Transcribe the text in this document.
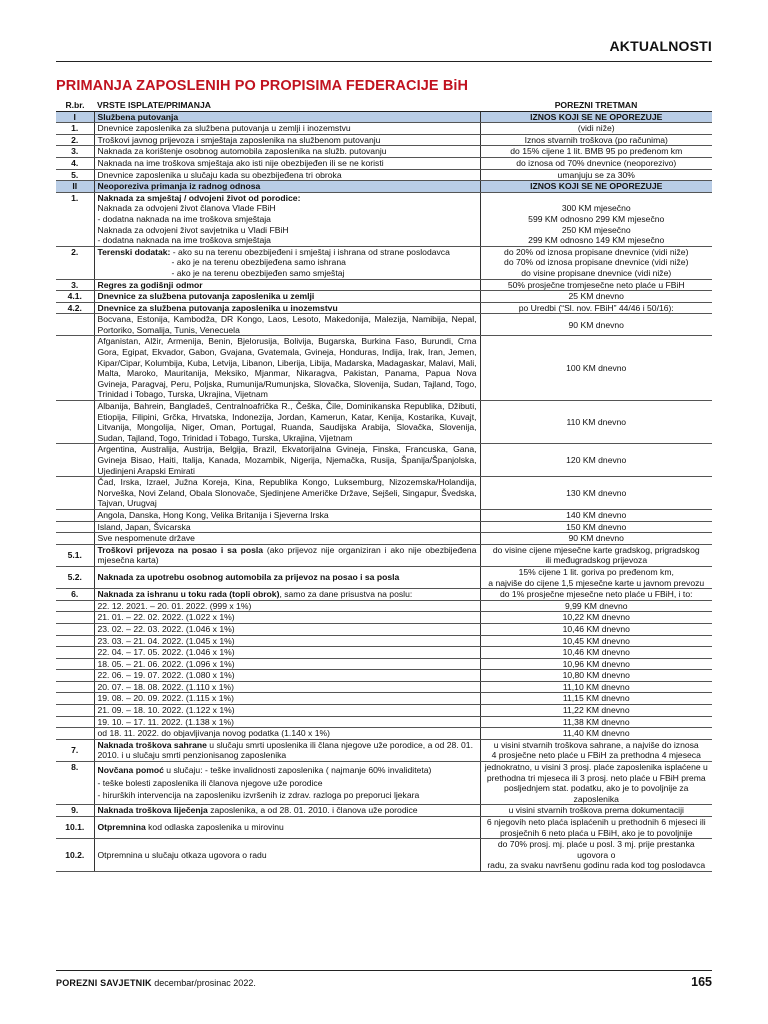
AKTUALNOSTI
PRIMANJA ZAPOSLENIH PO PROPISIMA FEDERACIJE BiH
R.br.	VRSTE ISPLATE/PRIMANJA	POREZNI TRETMAN
I	Službena putovanja	IZNOS KOJI SE NE OPOREZUJE
1.	Dnevnice zaposlenika za službena putovanja u zemlji i inozemstvu	(vidi niže)
2.	Troškovi javnog prijevoza i smještaja zaposlenika na službenom putovanju	Iznos stvarnih troškova (po računima)
3.	Naknada za korištenje osobnog automobila zaposlenika na služb. putovanju	do 15% cijene 1 lit. BMB 95 po pređenom km
4.	Naknada na ime troškova smještaja ako isti nije obezbijeđen ili se ne koristi	do iznosa od 70% dnevnice (neoporezivo)
5.	Dnevnice zaposlenika u slučaju kada su obezbijeđena tri obroka	umanjuju se za 30%
II	Neoporeziva primanja iz radnog odnosa	IZNOS KOJI SE NE OPOREZUJE
1.	Naknada za smještaj / odvojeni život od porodice:	
	Naknada za odvojeni život članova Vlade FBiH	300 KM mjesečno
	- dodatna naknada na ime troškova smještaja	599 KM odnosno 299 KM mjesečno
	Naknada za odvojeni život savjetnika u Vladi FBiH	250 KM mjesečno
	- dodatna naknada na ime troškova smještaja	299 KM odnosno 149 KM mjesečno
2.	Terenski dodatak: - ako su na terenu obezbijeđeni i smještaj i ishrana od strane poslodavca	do 20% od iznosa propisane dnevnice (vidi niže)
	- ako je na terenu obezbijeđena samo ishrana	do 70% od iznosa propisane dnevnice (vidi niže)
	- ako je na terenu obezbijeđen samo smještaj	do visine propisane dnevnice (vidi niže)
3.	Regres za godišnji odmor	50% prosječne tromjesečne neto plaće u FBiH
4.1.	Dnevnice za službena putovanja zaposlenika u zemlji	25 KM dnevno
4.2.	Dnevnice za službena putovanja zaposlenika u inozemstvu	po Uredbi (“Sl. nov. FBiH” 44/46 i 50/16):
	Bocvana, Estonija, Kambodža, DR Kongo, Laos, Lesoto, Makedonija, Malezija, Namibija, Nepal, Portoriko, Somalija, Tunis, Venecuela	90 KM dnevno
	Afganistan, Alžir, Armenija, Benin, Bjelorusija, Bolivija, Bugarska, Burkina Faso, Burundi, Crna Gora, Egipat, Ekvador, Gabon, Gvajana, Gvatemala, Gvineja, Honduras, Indija, Irak, Iran, Jemen, Kipar/Cipar, Kolumbija, Kuba, Letvija, Libanon, Liberija, Libija, Madarska, Madagaskar, Malavi, Mali, Malta, Maroko, Mauritanija, Meksiko, Mjanmar, Nikaragva, Pakistan, Panama, Papua Nova Gvineja, Paragvaj, Peru, Poljska, Rumunija/Rumunjska, Slovačka, Slovenija, Sudan, Tajland, Togo, Trinidad i Tobago, Turska, Ukrajina, Vijetnam	100 KM dnevno
	Albanija, Bahrein, Bangladeš, Centralnoafrička R., Češka, Čile, Dominikanska Republika, Džibuti, Etiopija, Filipini, Grčka, Hrvatska, Indonezija, Jordan, Kamerun, Katar, Kenija, Kostarika, Kuvajt, Litvanija, Mongolija, Niger, Oman, Portugal, Ruanda, Saudijska Arabija, Slovačka, Slovenija, Sudan, Tajland, Togo, Trinidad i Tobago, Turska, Ukrajina, Vijetnam	110 KM dnevno
	Argentina, Australija, Austrija, Belgija, Brazil, Ekvatorijalna Gvineja, Finska, Francuska, Gana, Gvineja Bisao, Haiti, Italija, Kanada, Mozambik, Nigerija, Njemačka, Rusija, Španija/Španjolska, Ujedinjeni Arapski Emirati	120 KM dnevno
	Čad, Irska, Izrael, Južna Koreja, Kina, Republika Kongo, Luksemburg, Nizozemska/Holandija, Norveška, Novi Zeland, Obala Slonovače, Sjedinjene Američke Države, Sejšeli, Singapur, Švedska, Tajvan, Urugvaj	130 KM dnevno
	Angola, Danska, Hong Kong, Velika Britanija i Sjeverna Irska	140 KM dnevno
	Island, Japan, Švicarska	150 KM dnevno
	Sve nespomenute države	90 KM dnevno
5.1.	Troškovi prijevoza na posao i sa posla (ako prijevoz nije organiziran i ako nije obezbijeđena mjesečna karta)	do visine cijene mjesečne karte gradskog, prigradskog
ili međugradskog prijevoza

5.2.	Naknada za upotrebu osobnog automobila za prijevoz na posao i sa posla	15% cijene 1 lit. goriva po pređenom km,
a najviše do cijene 1,5 mjesečne karte u javnom prevozu

6.	Naknada za ishranu u toku rada (topli obrok), samo za dane prisustva na poslu:	do 1% prosječne mjesečne neto plaće u FBiH, i to:
	22. 12. 2021. – 20. 01. 2022. (999 x 1%)	9,99 KM dnevno
	21. 01. – 22. 02. 2022. (1.022 x 1%)	10,22 KM dnevno
	23. 02. – 22. 03. 2022. (1.046 x 1%)	10,46 KM dnevno
	23. 03. – 21. 04. 2022. (1.045 x 1%)	10,45 KM dnevno
	22. 04. – 17. 05. 2022. (1.046 x 1%)	10,46 KM dnevno
	18. 05. – 21. 06. 2022. (1.096 x 1%)	10,96 KM dnevno
	22. 06. – 19. 07. 2022. (1.080 x 1%)	10,80 KM dnevno
	20. 07. – 18. 08. 2022. (1.110 x 1%)	11,10 KM dnevno
	19. 08. – 20. 09. 2022. (1.115 x 1%)	11,15 KM dnevno
	21. 09. – 18. 10. 2022. (1.122 x 1%)	11,22 KM dnevno
	19. 10. – 17. 11. 2022. (1.138 x 1%)	11,38 KM dnevno
	od 18. 11. 2022. do objavljivanja novog podatka (1.140 x 1%)	11,40 KM dnevno
7.	Naknada troškova sahrane u slučaju smrti uposlenika ili člana njegove uže porodice, a od 28. 01. 2010. i u slučaju smrti penzionisanog zaposlenika	u visini stvarnih troškova sahrane, a najviše do iznosa
4 prosječne neto plaće u FBiH za prethodna 4 mjeseca

8.	Novčana pomoć u slučaju: - teške invalidnosti zaposlenika ( najmanje 60% invaliditeta)
- teške bolesti zaposlenika ili članova njegove uže porodice
- hirurških intervencija na zaposleniku izvršenih iz zdrav. razloga po preporuci ljekara	jednokratno, u visini 3 prosj. plaće zaposlenika isplaćene u prethodna tri mjeseca ili 3 prosj. neto plaće u FBiH prema posljednjem stat. podatku, ako je to povoljnije za zaposlenika
9.	Naknada troškova liječenja zaposlenika, a od 28. 01. 2010. i članova uže porodice	u visini stvarnih troškova prema dokumentaciji
10.1.	Otpremnina kod odlaska zaposlenika u mirovinu	6 njegovih neto plaća isplaćenih u prethodnih 6 mjeseci ili
prosječnih 6 neto plaća u FBiH, ako je to povoljnije

10.2.	Otpremnina u slučaju otkaza ugovora o radu	do 70% prosj. mj. plaće u posl. 3 mj. prije prestanka ugovora o
radu, za svaku navršenu godinu rada kod tog poslodavca
POREZNI SAVJETNIK decembar/prosinac 2022.	165
